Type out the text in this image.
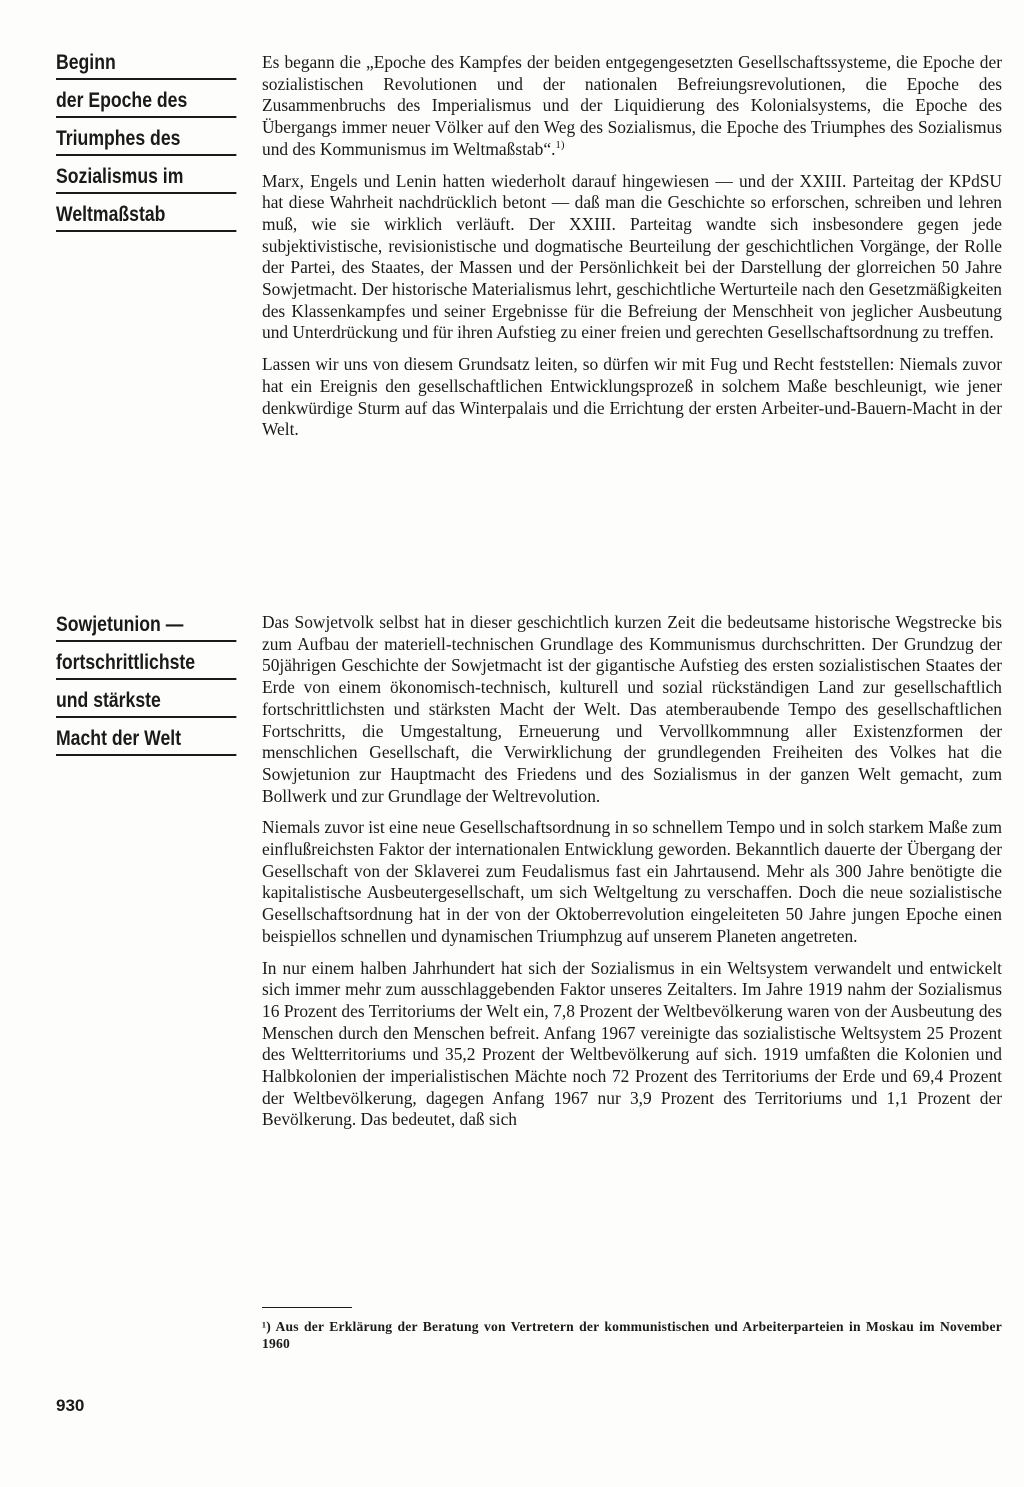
Beginn
der Epoche des
Triumphes des
Sozialismus im
Weltmaßstab

Es begann die „Epoche des Kampfes der beiden entgegengesetzten Gesellschaftssysteme, die Epoche der sozialistischen Revolutionen und der nationalen Befreiungsrevolutionen, die Epoche des Zusammenbruchs des Imperialismus und der Liquidierung des Kolonialsystems, die Epoche des Übergangs immer neuer Völker auf den Weg des Sozialismus, die Epoche des Triumphes des Sozialismus und des Kommunismus im Weltmaßstab“.$^{1)}$

Marx, Engels und Lenin hatten wiederholt darauf hingewiesen — und der XXIII. Parteitag der KPdSU hat diese Wahrheit nachdrücklich betont — daß man die Geschichte so erforschen, schreiben und lehren muß, wie sie wirklich verläuft. Der XXIII. Parteitag wandte sich insbesondere gegen jede subjektivistische, revisionistische und dogmatische Beurteilung der geschichtlichen Vorgänge, der Rolle der Partei, des Staates, der Massen und der Persönlichkeit bei der Darstellung der glorreichen 50 Jahre Sowjetmacht. Der historische Materialismus lehrt, geschichtliche Werturteile nach den Gesetzmäßigkeiten des Klassenkampfes und seiner Ergebnisse für die Befreiung der Menschheit von jeglicher Ausbeutung und Unterdrückung und für ihren Aufstieg zu einer freien und gerechten Gesellschaftsordnung zu treffen.

Lassen wir uns von diesem Grundsatz leiten, so dürfen wir mit Fug und Recht feststellen: Niemals zuvor hat ein Ereignis den gesellschaftlichen Entwicklungsprozeß in solchem Maße beschleunigt, wie jener denkwürdige Sturm auf das Winterpalais und die Errichtung der ersten Arbeiter-und-Bauern-Macht in der Welt.

Sowjetunion —
fortschrittlichste
und stärkste
Macht der Welt

Das Sowjetvolk selbst hat in dieser geschichtlich kurzen Zeit die bedeutsame historische Wegstrecke bis zum Aufbau der materiell-technischen Grundlage des Kommunismus durchschritten. Der Grundzug der 50jährigen Geschichte der Sowjetmacht ist der gigantische Aufstieg des ersten sozialistischen Staates der Erde von einem ökonomisch-technisch, kulturell und sozial rückständigen Land zur gesellschaftlich fortschrittlichsten und stärksten Macht der Welt. Das atemberaubende Tempo des gesellschaftlichen Fortschritts, die Umgestaltung, Erneuerung und Vervollkommnung aller Existenzformen der menschlichen Gesellschaft, die Verwirklichung der grundlegenden Freiheiten des Volkes hat die Sowjetunion zur Hauptmacht des Friedens und des Sozialismus in der ganzen Welt gemacht, zum Bollwerk und zur Grundlage der Weltrevolution.

Niemals zuvor ist eine neue Gesellschaftsordnung in so schnellem Tempo und in solch starkem Maße zum einflußreichsten Faktor der internationalen Entwicklung geworden. Bekanntlich dauerte der Übergang der Gesellschaft von der Sklaverei zum Feudalismus fast ein Jahrtausend. Mehr als 300 Jahre benötigte die kapitalistische Ausbeutergesellschaft, um sich Weltgeltung zu verschaffen. Doch die neue sozialistische Gesellschaftsordnung hat in der von der Oktoberrevolution eingeleiteten 50 Jahre jungen Epoche einen beispiellos schnellen und dynamischen Triumphzug auf unserem Planeten angetreten.

In nur einem halben Jahrhundert hat sich der Sozialismus in ein Weltsystem verwandelt und entwickelt sich immer mehr zum ausschlaggebenden Faktor unseres Zeitalters. Im Jahre 1919 nahm der Sozialismus 16 Prozent des Territoriums der Welt ein, 7,8 Prozent der Weltbevölkerung waren von der Ausbeutung des Menschen durch den Menschen befreit. Anfang 1967 vereinigte das sozialistische Weltsystem 25 Prozent des Weltterritoriums und 35,2 Prozent der Weltbevölkerung auf sich. 1919 umfaßten die Kolonien und Halbkolonien der imperialistischen Mächte noch 72 Prozent des Territoriums der Erde und 69,4 Prozent der Weltbevölkerung, dagegen Anfang 1967 nur 3,9 Prozent des Territoriums und 1,1 Prozent der Bevölkerung. Das bedeutet, daß sich

¹) Aus der Erklärung der Beratung von Vertretern der kommunistischen und Arbeiterparteien in Moskau im November 1960
930
